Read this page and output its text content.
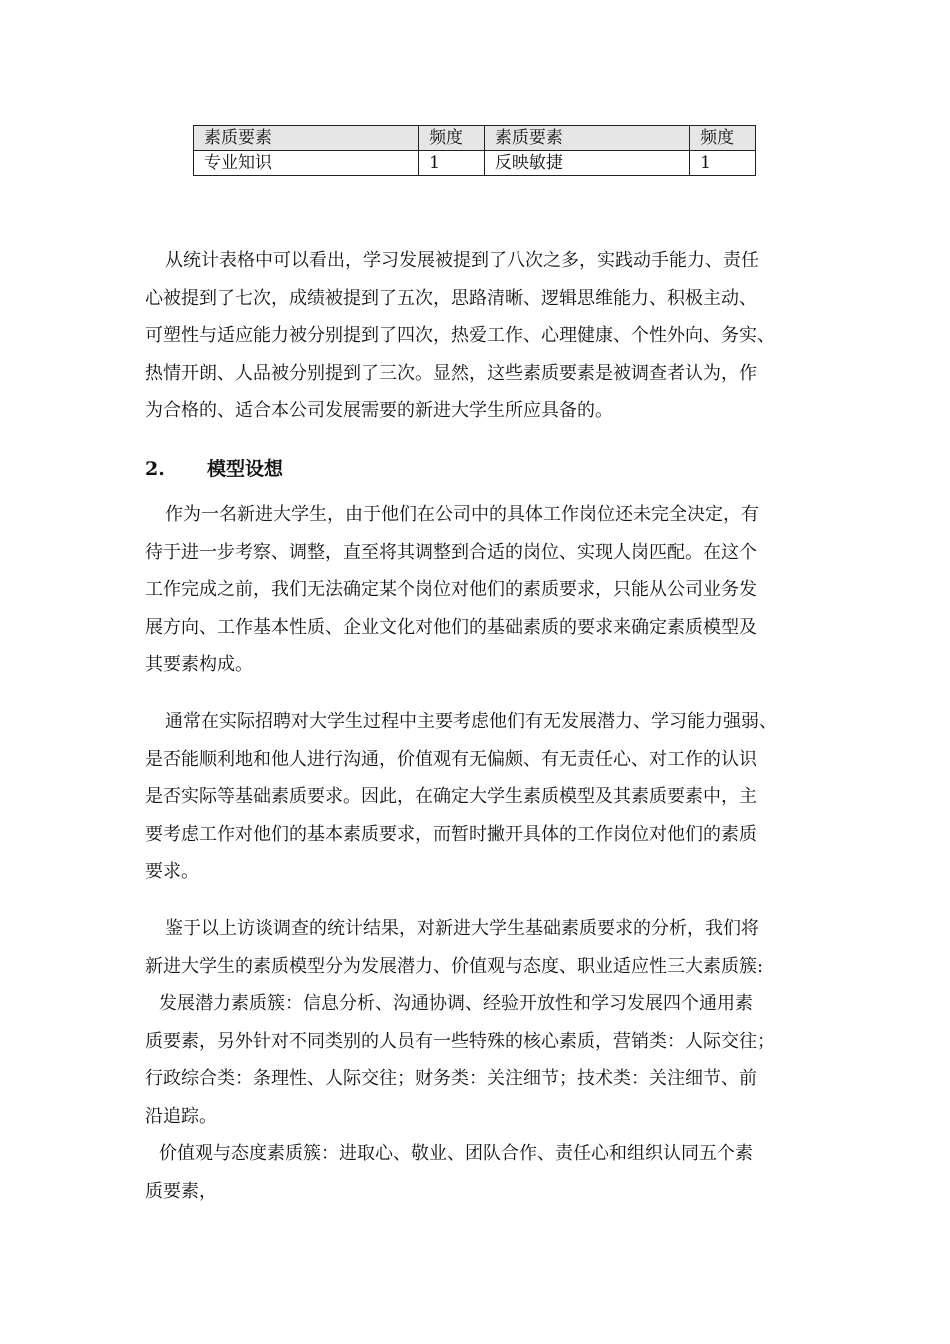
素质要素	频度	素质要素	频度
专业知识	1	反映敏捷	1
从统计表格中可以看出，学习发展被提到了八次之多，实践动手能力、责任
心被提到了七次，成绩被提到了五次，思路清晰、逻辑思维能力、积极主动、
可塑性与适应能力被分别提到了四次，热爱工作、心理健康、个性外向、务实、
热情开朗、人品被分别提到了三次。显然，这些素质要素是被调查者认为，作
为合格的、适合本公司发展需要的新进大学生所应具备的。
2. 模型设想
作为一名新进大学生，由于他们在公司中的具体工作岗位还未完全决定，有
待于进一步考察、调整，直至将其调整到合适的岗位、实现人岗匹配。在这个
工作完成之前，我们无法确定某个岗位对他们的素质要求，只能从公司业务发
展方向、工作基本性质、企业文化对他们的基础素质的要求来确定素质模型及
其要素构成。
通常在实际招聘对大学生过程中主要考虑他们有无发展潜力、学习能力强弱、
是否能顺利地和他人进行沟通，价值观有无偏颇、有无责任心、对工作的认识
是否实际等基础素质要求。因此，在确定大学生素质模型及其素质要素中，主
要考虑工作对他们的基本素质要求，而暂时撇开具体的工作岗位对他们的素质
要求。
鉴于以上访谈调查的统计结果，对新进大学生基础素质要求的分析，我们将
新进大学生的素质模型分为发展潜力、价值观与态度、职业适应性三大素质簇:
发展潜力素质簇：信息分析、沟通协调、经验开放性和学习发展四个通用素
质要素，另外针对不同类别的人员有一些特殊的核心素质，营销类：人际交往；
行政综合类：条理性、人际交往；财务类：关注细节；技术类：关注细节、前
沿追踪。
价值观与态度素质簇：进取心、敬业、团队合作、责任心和组织认同五个素
质要素，
